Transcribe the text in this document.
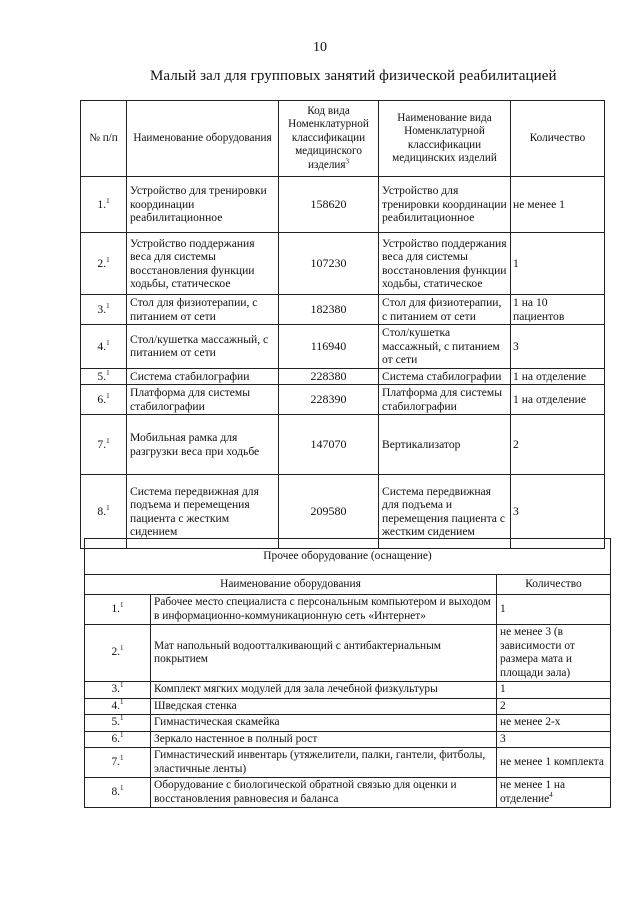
10
Малый зал для групповых занятий физической реабилитацией
№ п/п	Наименование оборудования	Код вида Номенклатурной классификации медицинского изделия$^3$	Наименование вида Номенклатурной классификации медицинских изделий	Количество
1.$^1$	Устройство для тренировки координации реабилитационное	158620	Устройство для тренировки координации реабилитационное	не менее 1
2.$^1$	Устройство поддержания веса для системы восстановления функции ходьбы, статическое	107230	Устройство поддержания веса для системы восстановления функции ходьбы, статическое	1
3.$^1$	Стол для физиотерапии, с питанием от сети	182380	Стол для физиотерапии, с питанием от сети	1 на 10 пациентов
4.$^1$	Стол/кушетка массажный, с питанием от сети	116940	Стол/кушетка массажный, с питанием от сети	3
5.$^1$	Система стабилографии	228380	Система стабилографии	1 на отделение
6.$^1$	Платформа для системы стабилографии	228390	Платформа для системы стабилографии	1 на отделение
7.$^1$	Мобильная рамка для разгрузки веса при ходьбе	147070	Вертикализатор	2
8.$^1$	Система передвижная для подъема и перемещения пациента с жестким сидением	209580	Система передвижная для подъема и перемещения пациента с жестким сидением	3
Прочее оборудование (оснащение)		
Наименование оборудования		Количество
1.$^1$	Рабочее место специалиста с персональным компьютером и выходом в информационно-коммуникационную сеть «Интернет»	1
2.$^1$	Мат напольный водоотталкивающий с антибактериальным покрытием	не менее 3 (в зависимости от размера мата и площади зала)
3.$^1$	Комплект мягких модулей для зала лечебной физкультуры	1
4.$^1$	Шведская стенка	2
5.$^1$	Гимнастическая скамейка	не менее 2-х
6.$^1$	Зеркало настенное в полный рост	3
7.$^1$	Гимнастический инвентарь (утяжелители, палки, гантели, фитболы, эластичные ленты)	не менее 1 комплекта
8.$^1$	Оборудование с биологической обратной связью для оценки и восстановления равновесия и баланса	не менее 1 на отделение$^4$
